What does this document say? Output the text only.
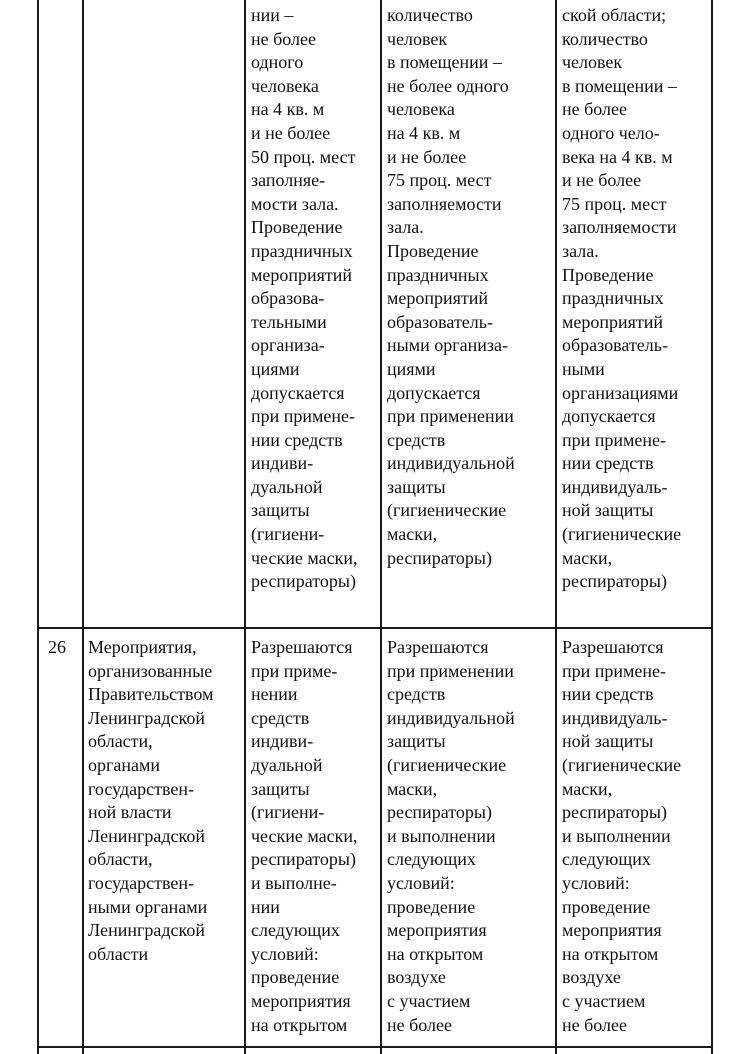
нии –
не более
одного
человека
на 4 кв. м
и не более
50 проц. мест
заполняе-
мости зала.
Проведение
праздничных
мероприятий
образова-
тельными
организа-
циями
допускается
при примене-
нии средств
индиви-
дуальной
защиты
(гигиени-
ческие маски,
респираторы)
количество
человек
в помещении –
не более одного
человека
на 4 кв. м
и не более
75 проц. мест
заполняемости
зала.
Проведение
праздничных
мероприятий
образователь-
ными организа-
циями
допускается
при применении
средств
индивидуальной
защиты
(гигиенические
маски,
респираторы)
ской области;
количество
человек
в помещении –
не более
одного чело-
века на 4 кв. м
и не более
75 проц. мест
заполняемости
зала.
Проведение
праздничных
мероприятий
образователь-
ными
организациями
допускается
при примене-
нии средств
индивидуаль-
ной защиты
(гигиенические
маски,
респираторы)
26 Мероприятия,
организованные
Правительством
Ленинградской
области,
органами
государствен-
ной власти
Ленинградской
области,
государствен-
ными органами
Ленинградской
области
Разрешаются
при приме-
нении
средств
индиви-
дуальной
защиты
(гигиени-
ческие маски,
респираторы)
и выполне-
нии
следующих
условий:
проведение
мероприятия
на открытом
Разрешаются
при применении
средств
индивидуальной
защиты
(гигиенические
маски,
респираторы)
и выполнении
следующих
условий:
проведение
мероприятия
на открытом
воздухе
с участием
не более
Разрешаются
при примене-
нии средств
индивидуаль-
ной защиты
(гигиенические
маски,
респираторы)
и выполнении
следующих
условий:
проведение
мероприятия
на открытом
воздухе
с участием
не более
